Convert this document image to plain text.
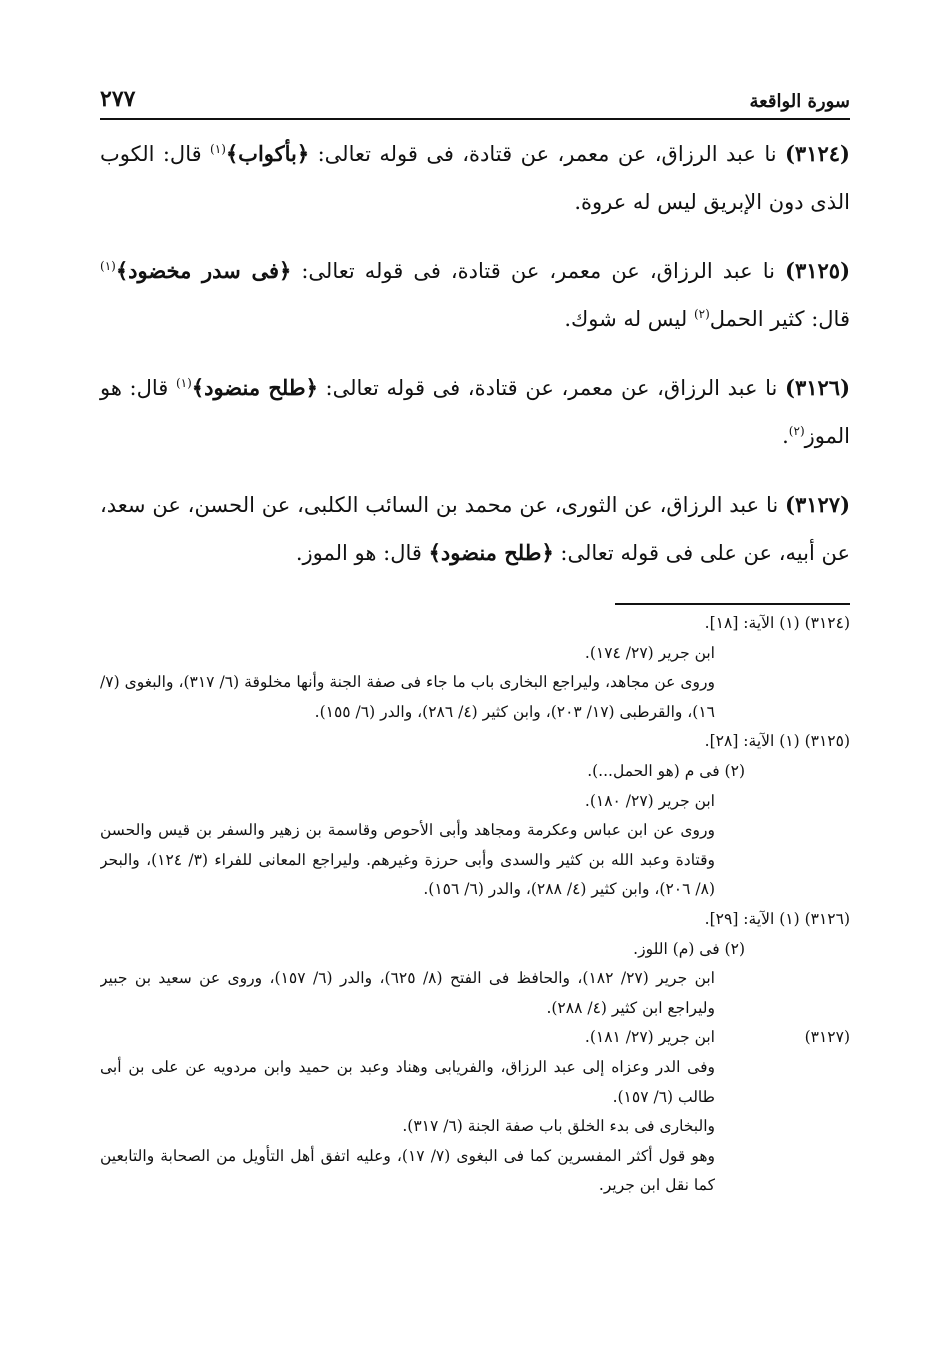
سورة الواقعة
٢٧٧

(٣١٢٤) نا عبد الرزاق، عن معمر، عن قتادة، فى قوله تعالى: ﴿بأكواب﴾$^{(١)}$ قال: الكوب الذى دون الإبريق ليس له عروة.

(٣١٢٥) نا عبد الرزاق، عن معمر، عن قتادة، فى قوله تعالى: ﴿فى سدر مخضود﴾$^{(١)}$ قال: كثير الحمل$^{(٢)}$ ليس له شوك.

(٣١٢٦) نا عبد الرزاق، عن معمر، عن قتادة، فى قوله تعالى: ﴿طلح منضود﴾$^{(١)}$ قال: هو الموز$^{(٢)}$.

(٣١٢٧) نا عبد الرزاق، عن الثورى، عن محمد بن السائب الكلبى، عن الحسن، عن سعد، عن أبيه، عن على فى قوله تعالى: ﴿طلح منضود﴾ قال: هو الموز.

(٣١٢٤) (١) الآية: [١٨].
ابن جرير (٢٧/ ١٧٤).
وروى عن مجاهد، وليراجع البخارى باب ما جاء فى صفة الجنة وأنها مخلوقة (٦/ ٣١٧)، والبغوى (٧/ ١٦)، والقرطبى (١٧/ ٢٠٣)، وابن كثير (٤/ ٢٨٦)، والدر (٦/ ١٥٥).
(٣١٢٥) (١) الآية: [٢٨].
(٢) فى م (هو الحمل...).
ابن جرير (٢٧/ ١٨٠).
وروى عن ابن عباس وعكرمة ومجاهد وأبى الأحوص وقاسمة بن زهير والسفر بن قيس والحسن وقتادة وعبد الله بن كثير والسدى وأبى حرزة وغيرهم. وليراجع المعانى للفراء (٣/ ١٢٤)، والبحر (٨/ ٢٠٦)، وابن كثير (٤/ ٢٨٨)، والدر (٦/ ١٥٦).
(٣١٢٦) (١) الآية: [٢٩].
(٢) فى (م) اللوز.
ابن جرير (٢٧/ ١٨٢)، والحافظ فى الفتح (٨/ ٦٢٥)، والدر (٦/ ١٥٧)، وروى عن سعيد بن جبير وليراجع ابن كثير (٤/ ٢٨٨).
(٣١٢٧)
ابن جرير (٢٧/ ١٨١).
وفى الدر وعزاه إلى عبد الرزاق، والفريابى وهناد وعبد بن حميد وابن مردويه عن على بن أبى طالب (٦/ ١٥٧).
والبخارى فى بدء الخلق باب صفة الجنة (٦/ ٣١٧).
وهو قول أكثر المفسرين كما فى البغوى (٧/ ١٧)، وعليه اتفق أهل التأويل من الصحابة والتابعين كما نقل ابن جرير.
